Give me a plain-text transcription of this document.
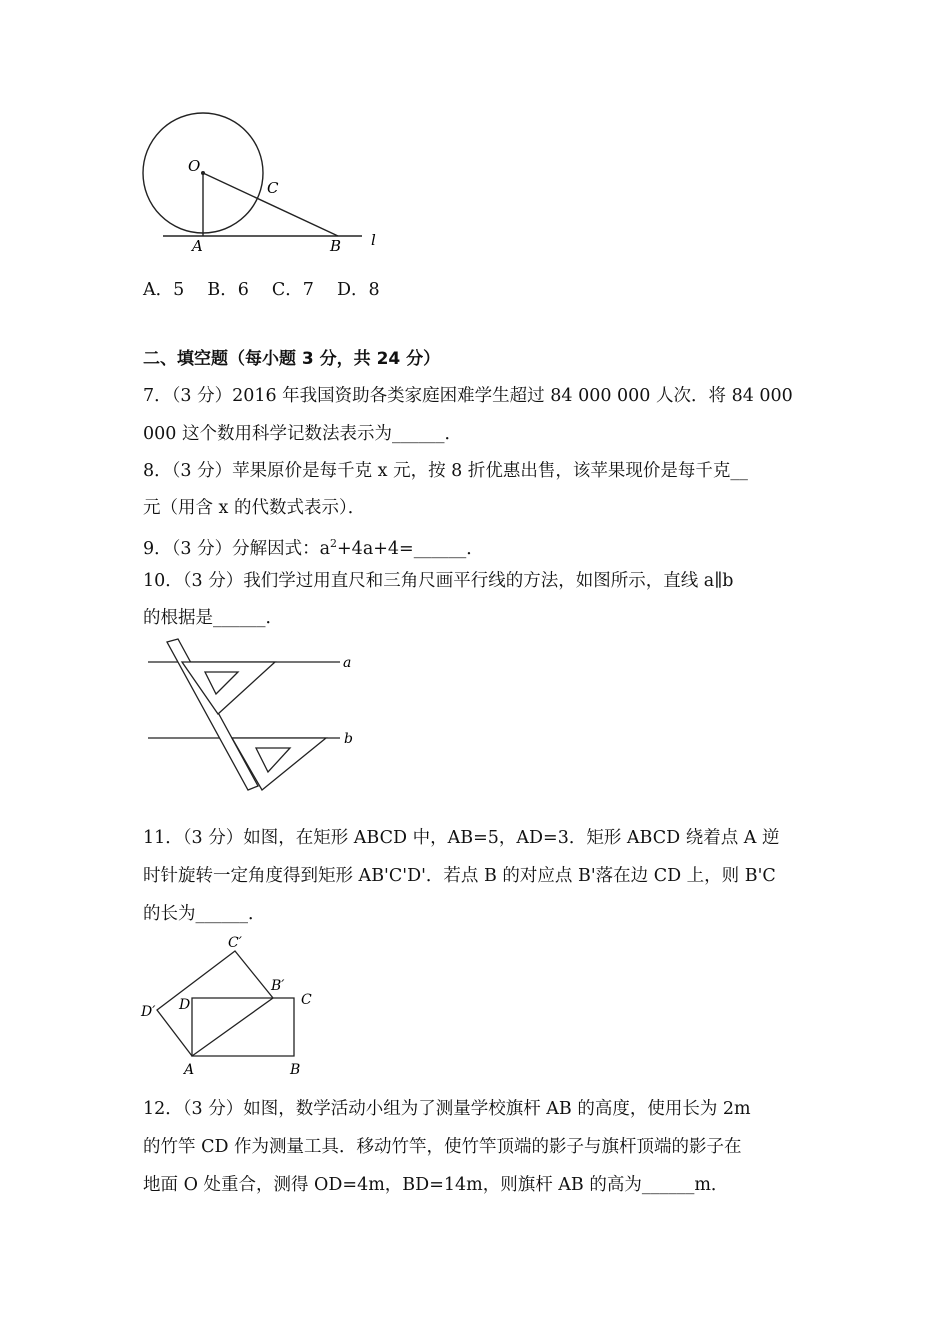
O
C
A	B l
A．5　 B．6　 C．7　 D．8
二、填空题（每小题 3 分，共 24 分）
7．（3 分）2016 年我国资助各类家庭困难学生超过 84 000 000 人次．将 84 000
000 这个数用科学记数法表示为______．
8．（3 分）苹果原价是每千克 x 元，按 8 折优惠出售，该苹果现价是每千克__
元（用含 x 的代数式表示）．
9．（3 分）分解因式：$a^2+4a+4=\_\_\_\_\_\_$．
10．（3 分）我们学过用直尺和三角尺画平行线的方法，如图所示，直线 a∥b
的根据是______．
a
b
11．（3 分）如图，在矩形 ABCD 中，AB=5，AD=3．矩形 ABCD 绕着点 A 逆
时针旋转一定角度得到矩形 AB'C'D'．若点 B 的对应点 B'落在边 CD 上，则 B'C
的长为______．
C′
B′
C
D′ D
A	B
12．（3 分）如图，数学活动小组为了测量学校旗杆 AB 的高度，使用长为 2m
的竹竿 CD 作为测量工具．移动竹竿，使竹竿顶端的影子与旗杆顶端的影子在
地面 O 处重合，测得 OD=4m，BD=14m，则旗杆 AB 的高为______m．
